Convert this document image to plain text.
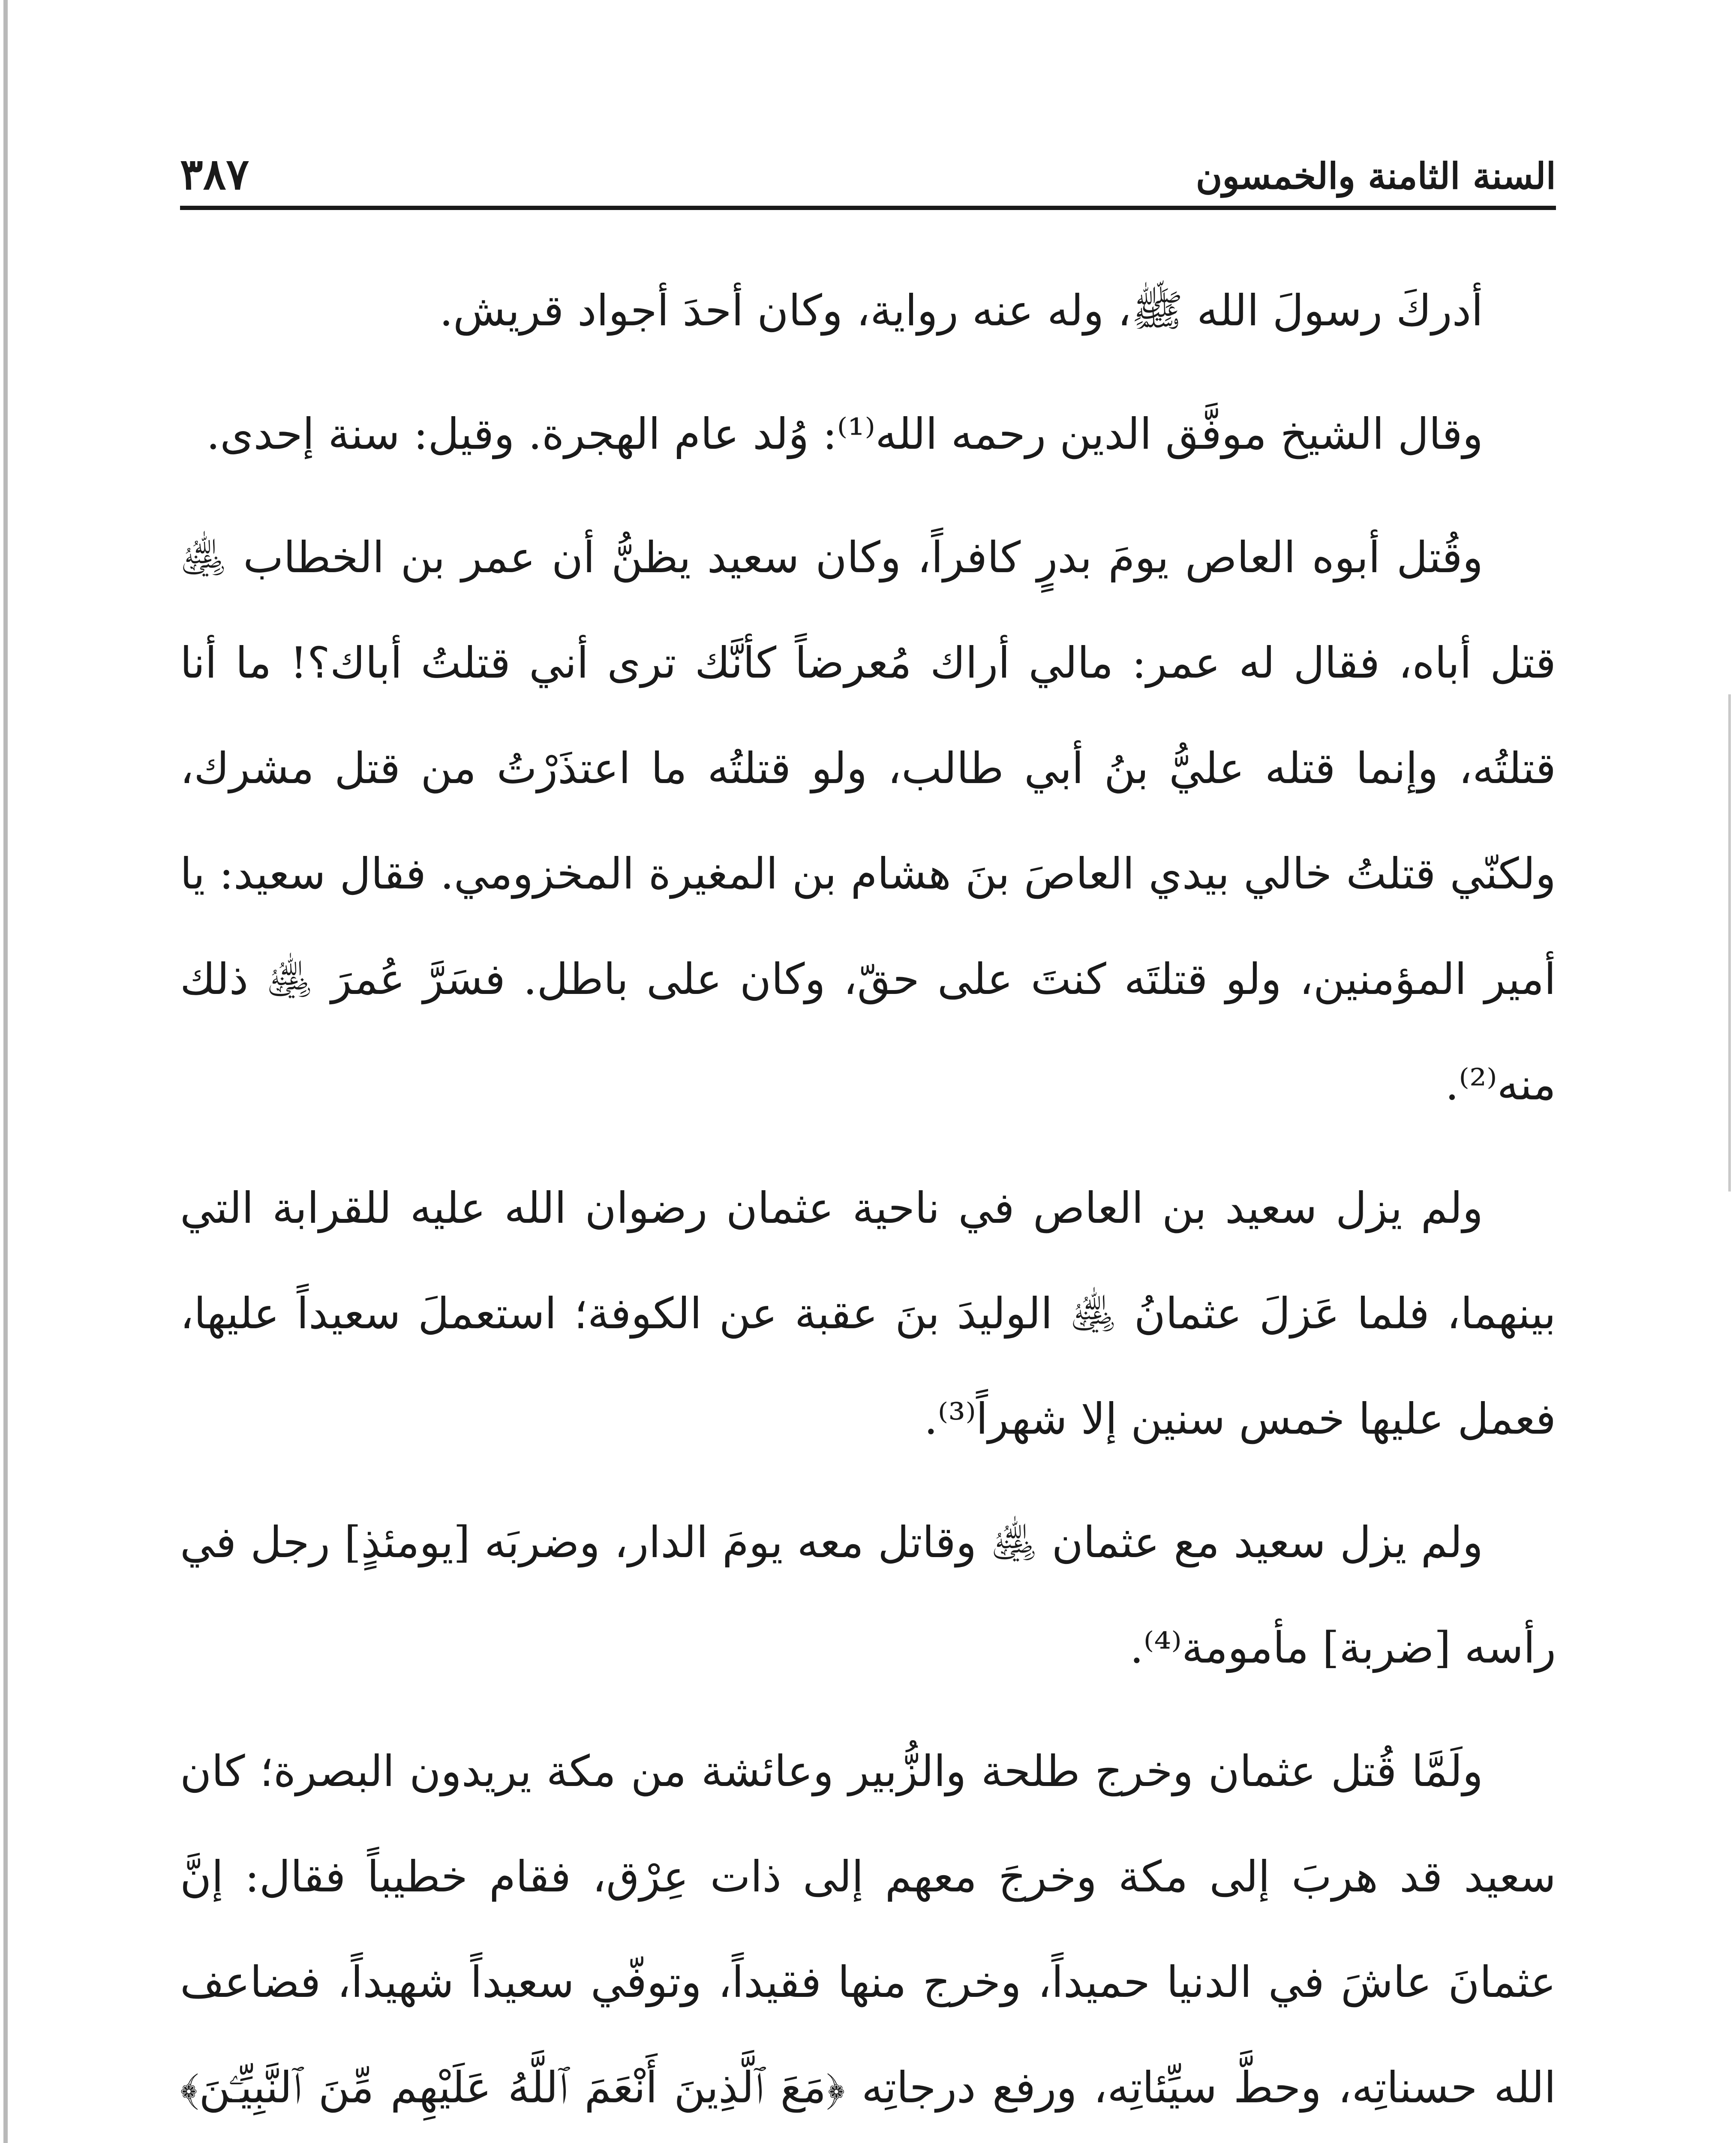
السنة الثامنة والخمسون
٣٨٧

أدركَ رسولَ الله ﷺ، وله عنه رواية، وكان أحدَ أجواد قريش.

وقال الشيخ موفَّق الدين رحمه الله⁽¹⁾: وُلد عام الهجرة. وقيل: سنة إحدى.

وقُتل أبوه العاص يومَ بدرٍ كافراً، وكان سعيد يظنُّ أن عمر بن الخطاب ﵁ قتل أباه، فقال له عمر: مالي أراك مُعرضاً كأنَّك ترى أني قتلتُ أباك؟! ما أنا قتلتُه، وإنما قتله عليُّ بنُ أبي طالب، ولو قتلتُه ما اعتذَرْتُ من قتل مشرك، ولكنّي قتلتُ خالي بيدي العاصَ بنَ هشام بن المغيرة المخزومي. فقال سعيد: يا أمير المؤمنين، ولو قتلتَه كنتَ على حقّ، وكان على باطل. فسَرَّ عُمرَ ﵁ ذلك منه⁽²⁾.

ولم يزل سعيد بن العاص في ناحية عثمان رضوان الله عليه للقرابة التي بينهما، فلما عَزلَ عثمانُ ﵁ الوليدَ بنَ عقبة عن الكوفة؛ استعملَ سعيداً عليها، فعمل عليها خمس سنين إلا شهراً⁽³⁾.

ولم يزل سعيد مع عثمان ﵁ وقاتل معه يومَ الدار، وضربَه [يومئذٍ] رجل في رأسه [ضربة] مأمومة⁽⁴⁾.

ولَمَّا قُتل عثمان وخرج طلحة والزُّبير وعائشة من مكة يريدون البصرة؛ كان سعيد قد هربَ إلى مكة وخرجَ معهم إلى ذات عِرْق، فقام خطيباً فقال: إنَّ عثمانَ عاشَ في الدنيا حميداً، وخرج منها فقيداً، وتوفّي سعيداً شهيداً، فضاعف الله حسناتِه، وحطَّ سيِّئاتِه، ورفع درجاتِه ﴿مَعَ ٱلَّذِينَ أَنْعَمَ ٱللَّهُ عَلَيْهِم مِّنَ ٱلنَّبِيِّـۧنَ﴾
